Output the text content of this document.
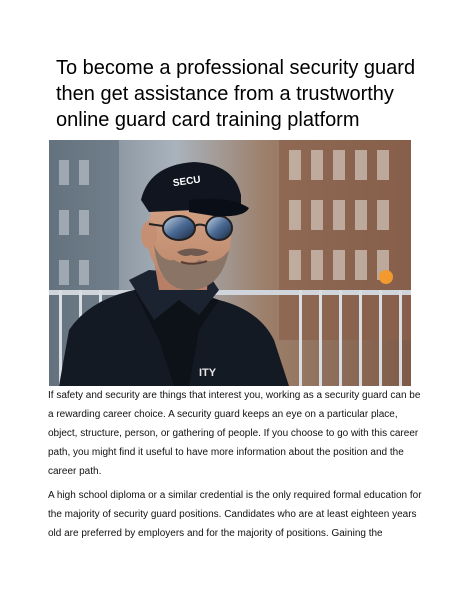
To become a professional security guard then get assistance from a trustworthy online guard card training platform
ITY
SECU

If safety and security are things that interest you, working as a security guard can be a rewarding career choice. A security guard keeps an eye on a particular place, object, structure, person, or gathering of people. If you choose to go with this career path, you might find it useful to have more information about the position and the career path.

A high school diploma or a similar credential is the only required formal education for the majority of security guard positions. Candidates who are at least eighteen years old are preferred by employers and for the majority of positions. Gaining the
